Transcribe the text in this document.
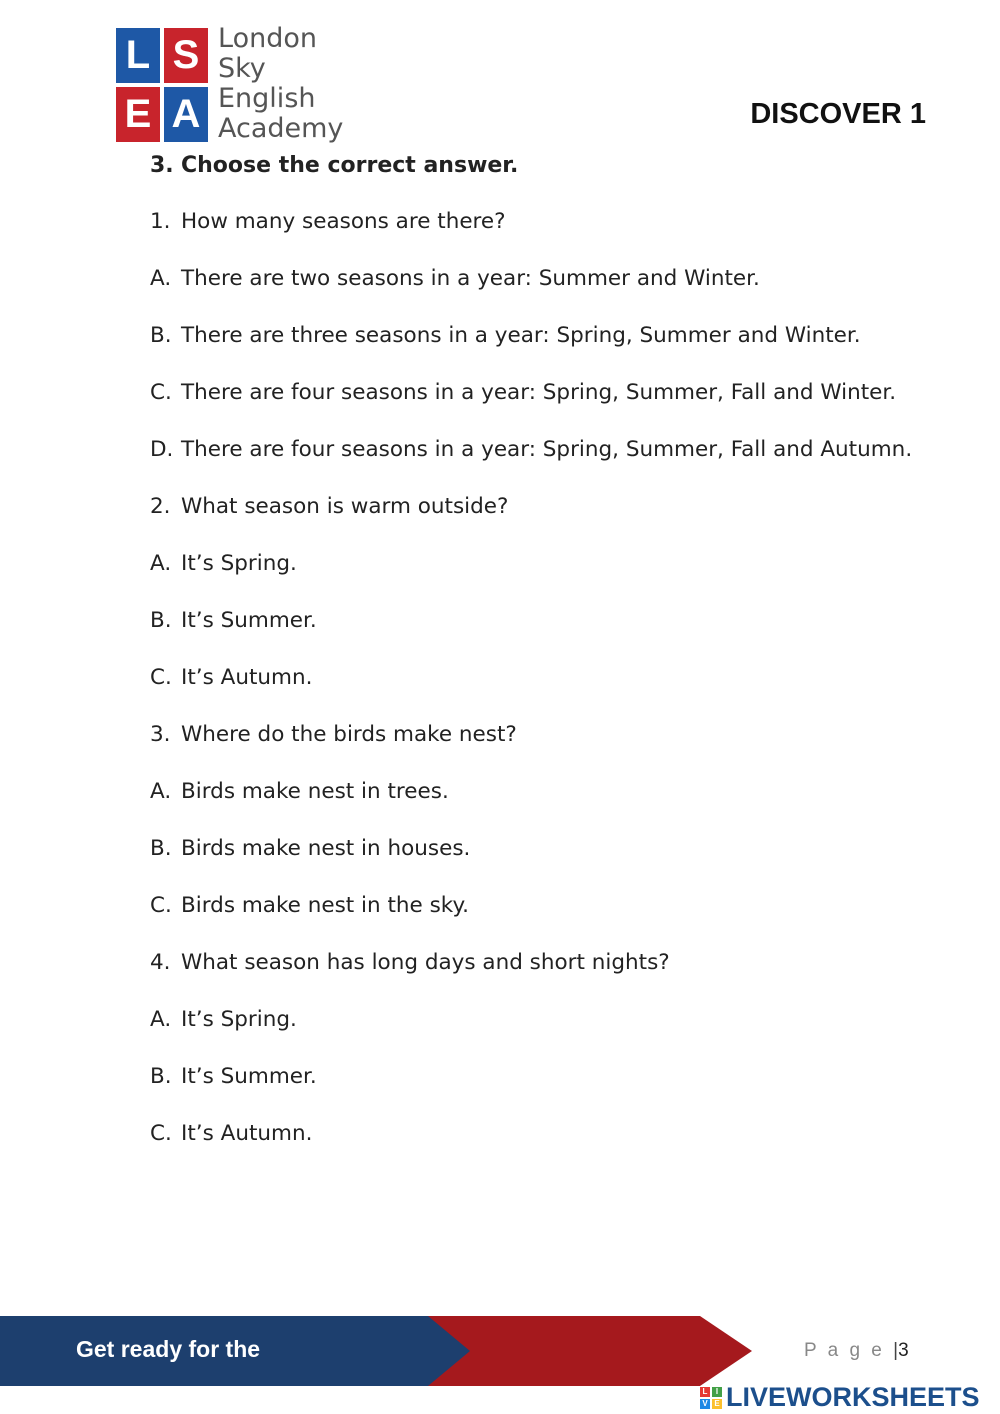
L S
E A
London
Sky
English
Academy	DISCOVER 1
3. Choose the correct answer.
1. How many seasons are there?
A. There are two seasons in a year: Summer and Winter.
B. There are three seasons in a year: Spring, Summer and Winter.
C. There are four seasons in a year: Spring, Summer, Fall and Winter.
D. There are four seasons in a year: Spring, Summer, Fall and Autumn.
2. What season is warm outside?
A. It’s Spring.
B. It’s Summer.
C. It’s Autumn.
3. Where do the birds make nest?
A. Birds make nest in trees.
B. Birds make nest in houses.
C. Birds make nest in the sky.
4. What season has long days and short nights?
A. It’s Spring.
B. It’s Summer.
C. It’s Autumn.
Get ready for the	P a g e |3
L	I
V E LIVEWORKSHEETS
